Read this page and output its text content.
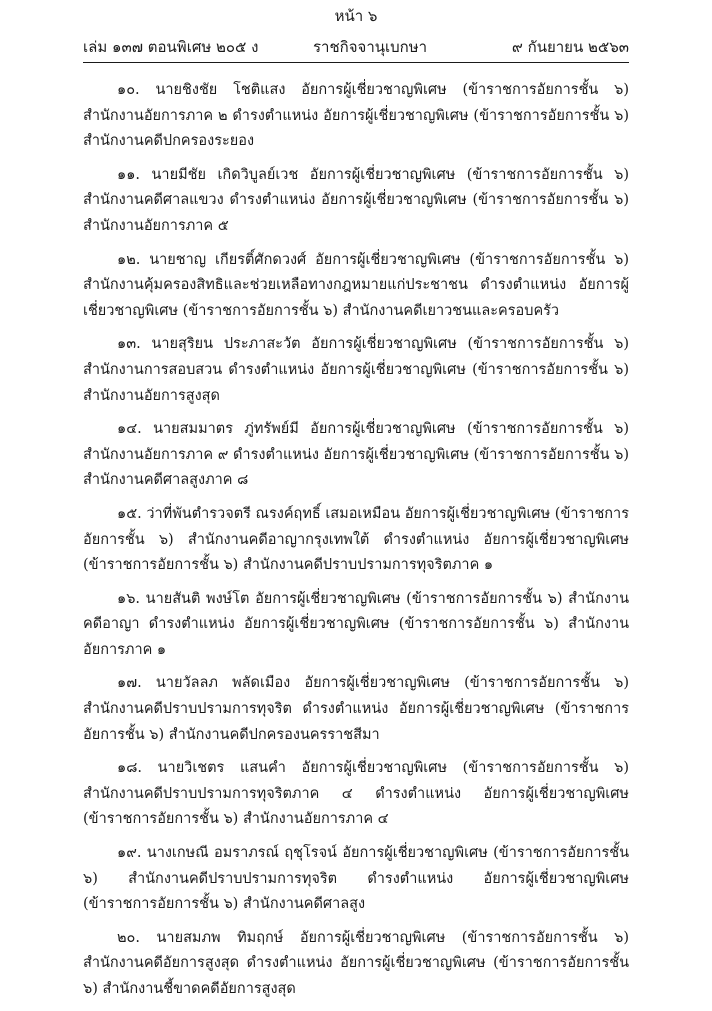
หน้า ๖
เล่ม ๑๓๗ ตอนพิเศษ ๒๐๕ ง	ราชกิจจานุเบกษา	๙ กันยายน ๒๕๖๓

๑๐. นายชิงชัย โชติแสง อัยการผู้เชี่ยวชาญพิเศษ (ข้าราชการอัยการชั้น ๖) สำนักงานอัยการภาค ๒ ดำรงตำแหน่ง อัยการผู้เชี่ยวชาญพิเศษ (ข้าราชการอัยการชั้น ๖) สำนักงานคดีปกครองระยอง

๑๑. นายมีชัย เกิดวิบูลย์เวช อัยการผู้เชี่ยวชาญพิเศษ (ข้าราชการอัยการชั้น ๖) สำนักงานคดีศาลแขวง ดำรงตำแหน่ง อัยการผู้เชี่ยวชาญพิเศษ (ข้าราชการอัยการชั้น ๖) สำนักงานอัยการภาค ๕

๑๒. นายชาญ เกียรติ์ศักดวงศ์ อัยการผู้เชี่ยวชาญพิเศษ (ข้าราชการอัยการชั้น ๖) สำนักงานคุ้มครองสิทธิและช่วยเหลือทางกฎหมายแก่ประชาชน ดำรงตำแหน่ง อัยการผู้เชี่ยวชาญพิเศษ (ข้าราชการอัยการชั้น ๖) สำนักงานคดีเยาวชนและครอบครัว

๑๓. นายสุริยน ประภาสะวัต อัยการผู้เชี่ยวชาญพิเศษ (ข้าราชการอัยการชั้น ๖) สำนักงานการสอบสวน ดำรงตำแหน่ง อัยการผู้เชี่ยวชาญพิเศษ (ข้าราชการอัยการชั้น ๖) สำนักงานอัยการสูงสุด

๑๔. นายสมมาตร ภู่ทรัพย์มี อัยการผู้เชี่ยวชาญพิเศษ (ข้าราชการอัยการชั้น ๖) สำนักงานอัยการภาค ๙ ดำรงตำแหน่ง อัยการผู้เชี่ยวชาญพิเศษ (ข้าราชการอัยการชั้น ๖) สำนักงานคดีศาลสูงภาค ๘

๑๕. ว่าที่พันตำรวจตรี ณรงค์ฤทธิ์ เสมอเหมือน อัยการผู้เชี่ยวชาญพิเศษ (ข้าราชการอัยการชั้น ๖) สำนักงานคดีอาญากรุงเทพใต้ ดำรงตำแหน่ง อัยการผู้เชี่ยวชาญพิเศษ (ข้าราชการอัยการชั้น ๖) สำนักงานคดีปราบปรามการทุจริตภาค ๑

๑๖. นายสันติ พงษ์โต อัยการผู้เชี่ยวชาญพิเศษ (ข้าราชการอัยการชั้น ๖) สำนักงานคดีอาญา ดำรงตำแหน่ง อัยการผู้เชี่ยวชาญพิเศษ (ข้าราชการอัยการชั้น ๖) สำนักงานอัยการภาค ๑

๑๗. นายวัลลภ พลัดเมือง อัยการผู้เชี่ยวชาญพิเศษ (ข้าราชการอัยการชั้น ๖) สำนักงานคดีปราบปรามการทุจริต ดำรงตำแหน่ง อัยการผู้เชี่ยวชาญพิเศษ (ข้าราชการอัยการชั้น ๖) สำนักงานคดีปกครองนครราชสีมา

๑๘. นายวิเชตร แสนคำ อัยการผู้เชี่ยวชาญพิเศษ (ข้าราชการอัยการชั้น ๖) สำนักงานคดีปราบปรามการทุจริตภาค ๔ ดำรงตำแหน่ง อัยการผู้เชี่ยวชาญพิเศษ (ข้าราชการอัยการชั้น ๖) สำนักงานอัยการภาค ๔

๑๙. นางเกษณี อมราภรณ์ ฤชุโรจน์ อัยการผู้เชี่ยวชาญพิเศษ (ข้าราชการอัยการชั้น ๖) สำนักงานคดีปราบปรามการทุจริต ดำรงตำแหน่ง อัยการผู้เชี่ยวชาญพิเศษ (ข้าราชการอัยการชั้น ๖) สำนักงานคดีศาลสูง

๒๐. นายสมภพ ทิมฤกษ์ อัยการผู้เชี่ยวชาญพิเศษ (ข้าราชการอัยการชั้น ๖) สำนักงานคดีอัยการสูงสุด ดำรงตำแหน่ง อัยการผู้เชี่ยวชาญพิเศษ (ข้าราชการอัยการชั้น ๖) สำนักงานชี้ขาดคดีอัยการสูงสุด
